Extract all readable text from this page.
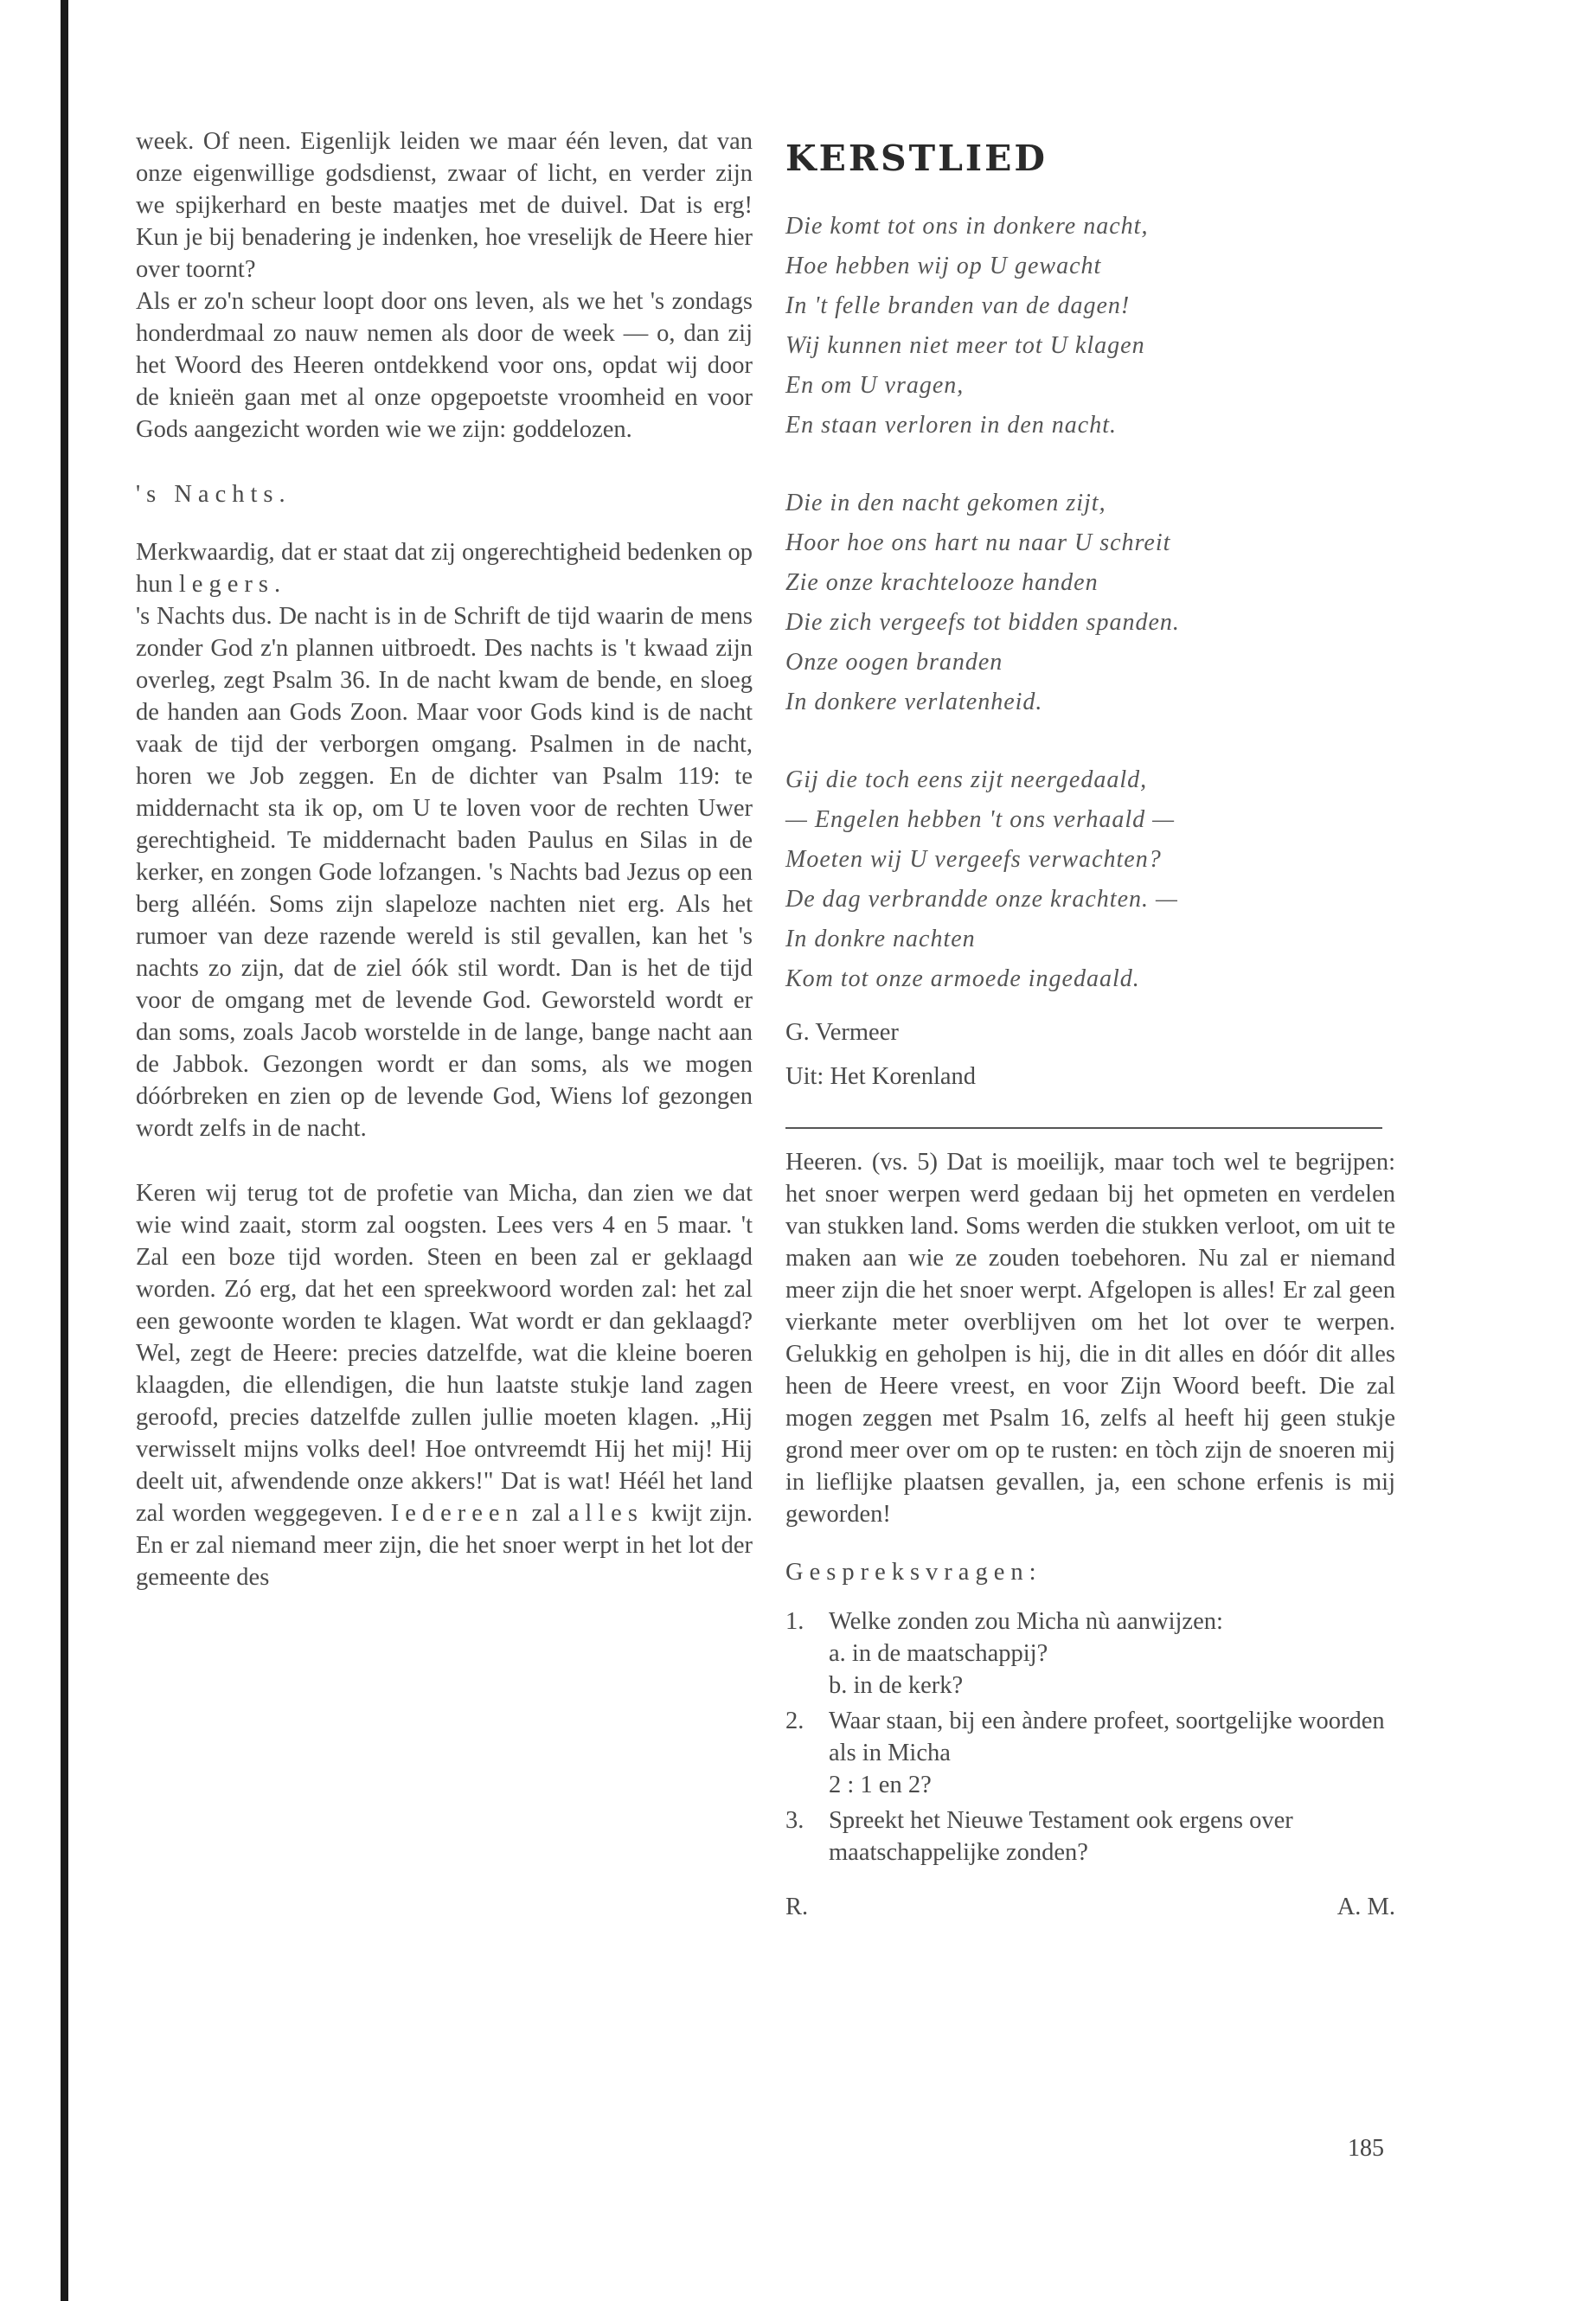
week. Of neen. Eigenlijk leiden we maar één leven, dat van onze eigenwillige godsdienst, zwaar of licht, en verder zijn we spijkerhard en beste maatjes met de duivel. Dat is erg! Kun je bij benadering je indenken, hoe vreselijk de Heere hier over toornt?

Als er zo'n scheur loopt door ons leven, als we het 's zondags honderdmaal zo nauw nemen als door de week — o, dan zij het Woord des Heeren ontdekkend voor ons, opdat wij door de knieën gaan met al onze opgepoetste vroomheid en voor Gods aangezicht worden wie we zijn: goddelozen.

's Nachts.

Merkwaardig, dat er staat dat zij ongerechtigheid bedenken op hun legers.

's Nachts dus. De nacht is in de Schrift de tijd waarin de mens zonder God z'n plannen uitbroedt. Des nachts is 't kwaad zijn overleg, zegt Psalm 36. In de nacht kwam de bende, en sloeg de handen aan Gods Zoon. Maar voor Gods kind is de nacht vaak de tijd der verborgen omgang. Psalmen in de nacht, horen we Job zeggen. En de dichter van Psalm 119: te middernacht sta ik op, om U te loven voor de rechten Uwer gerechtigheid. Te middernacht baden Paulus en Silas in de kerker, en zongen Gode lofzangen. 's Nachts bad Jezus op een berg alléén. Soms zijn slapeloze nachten niet erg. Als het rumoer van deze razende wereld is stil gevallen, kan het 's nachts zo zijn, dat de ziel óók stil wordt. Dan is het de tijd voor de omgang met de levende God. Geworsteld wordt er dan soms, zoals Jacob worstelde in de lange, bange nacht aan de Jabbok. Gezongen wordt er dan soms, als we mogen dóórbreken en zien op de levende God, Wiens lof gezongen wordt zelfs in de nacht.

Keren wij terug tot de profetie van Micha, dan zien we dat wie wind zaait, storm zal oogsten. Lees vers 4 en 5 maar. 't Zal een boze tijd worden. Steen en been zal er geklaagd worden. Zó erg, dat het een spreekwoord worden zal: het zal een gewoonte worden te klagen. Wat wordt er dan geklaagd? Wel, zegt de Heere: precies datzelfde, wat die kleine boeren klaagden, die ellendigen, die hun laatste stukje land zagen geroofd, precies datzelfde zullen jullie moeten klagen. „Hij verwisselt mijns volks deel! Hoe ontvreemdt Hij het mij! Hij deelt uit, afwendende onze akkers!" Dat is wat! Héél het land zal worden weggegeven. Iedereen zal alles kwijt zijn. En er zal niemand meer zijn, die het snoer werpt in het lot der gemeente des

kerstlied
Die komt tot ons in donkere nacht,
Hoe hebben wij op U gewacht
In 't felle branden van de dagen!
Wij kunnen niet meer tot U klagen
En om U vragen,
En staan verloren in den nacht.
Die in den nacht gekomen zijt,
Hoor hoe ons hart nu naar U schreit
Zie onze krachtelooze handen
Die zich vergeefs tot bidden spanden.
Onze oogen branden
In donkere verlatenheid.
Gij die toch eens zijt neergedaald,
— Engelen hebben 't ons verhaald —
Moeten wij U vergeefs verwachten?
De dag verbrandde onze krachten. —
In donkre nachten
Kom tot onze armoede ingedaald.

G. Vermeer

Uit: Het Korenland

Heeren. (vs. 5) Dat is moeilijk, maar toch wel te begrijpen: het snoer werpen werd gedaan bij het opmeten en verdelen van stukken land. Soms werden die stukken verloot, om uit te maken aan wie ze zouden toebehoren. Nu zal er niemand meer zijn die het snoer werpt. Afgelopen is alles! Er zal geen vierkante meter overblijven om het lot over te werpen. Gelukkig en geholpen is hij, die in dit alles en dóór dit alles heen de Heere vreest, en voor Zijn Woord beeft. Die zal mogen zeggen met Psalm 16, zelfs al heeft hij geen stukje grond meer over om op te rusten: en tòch zijn de snoeren mij in lieflijke plaatsen gevallen, ja, een schone erfenis is mij geworden!

Gespreksvragen:

1. Welke zonden zou Micha nù aanwijzen:
a. in de maatschappij?
b. in de kerk?
2. Waar staan, bij een àndere profeet, soortgelijke woorden als in Micha
2 : 1 en 2?
3. Spreekt het Nieuwe Testament ook ergens over maatschappelijke zonden?
R.	A. M.
185
